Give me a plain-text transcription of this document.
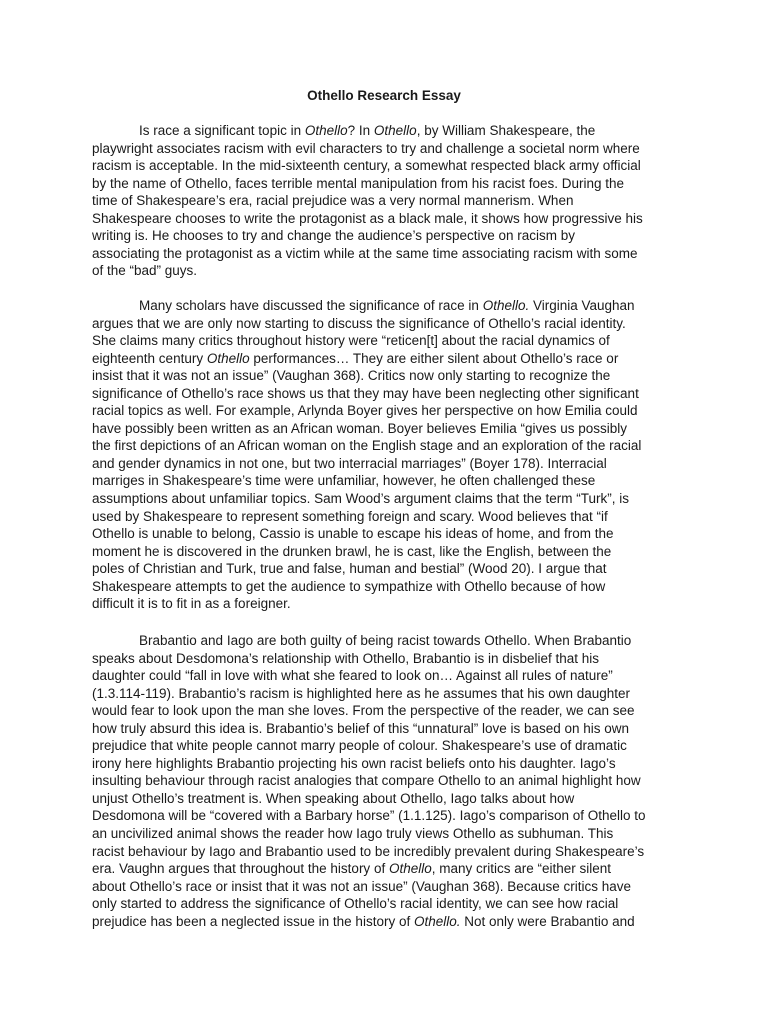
Othello Research Essay

Is race a significant topic in Othello? In Othello, by William Shakespeare, the
playwright associates racism with evil characters to try and challenge a societal norm where
racism is acceptable. In the mid-sixteenth century, a somewhat respected black army official
by the name of Othello, faces terrible mental manipulation from his racist foes. During the
time of Shakespeare’s era, racial prejudice was a very normal mannerism. When
Shakespeare chooses to write the protagonist as a black male, it shows how progressive his
writing is. He chooses to try and change the audience’s perspective on racism by
associating the protagonist as a victim while at the same time associating racism with some
of the “bad” guys.

Many scholars have discussed the significance of race in Othello. Virginia Vaughan
argues that we are only now starting to discuss the significance of Othello’s racial identity.
She claims many critics throughout history were “reticen[t] about the racial dynamics of
eighteenth century Othello performances… They are either silent about Othello’s race or
insist that it was not an issue” (Vaughan 368). Critics now only starting to recognize the
significance of Othello’s race shows us that they may have been neglecting other significant
racial topics as well. For example, Arlynda Boyer gives her perspective on how Emilia could
have possibly been written as an African woman. Boyer believes Emilia “gives us possibly
the first depictions of an African woman on the English stage and an exploration of the racial
and gender dynamics in not one, but two interracial marriages” (Boyer 178). Interracial
marriges in Shakespeare’s time were unfamiliar, however, he often challenged these
assumptions about unfamiliar topics. Sam Wood’s argument claims that the term “Turk”, is
used by Shakespeare to represent something foreign and scary. Wood believes that “if
Othello is unable to belong, Cassio is unable to escape his ideas of home, and from the
moment he is discovered in the drunken brawl, he is cast, like the English, between the
poles of Christian and Turk, true and false, human and bestial” (Wood 20). I argue that
Shakespeare attempts to get the audience to sympathize with Othello because of how
difficult it is to fit in as a foreigner.

Brabantio and Iago are both guilty of being racist towards Othello. When Brabantio
speaks about Desdomona’s relationship with Othello, Brabantio is in disbelief that his
daughter could “fall in love with what she feared to look on… Against all rules of nature”
(1.3.114-119). Brabantio’s racism is highlighted here as he assumes that his own daughter
would fear to look upon the man she loves. From the perspective of the reader, we can see
how truly absurd this idea is. Brabantio’s belief of this “unnatural” love is based on his own
prejudice that white people cannot marry people of colour. Shakespeare’s use of dramatic
irony here highlights Brabantio projecting his own racist beliefs onto his daughter. Iago’s
insulting behaviour through racist analogies that compare Othello to an animal highlight how
unjust Othello’s treatment is. When speaking about Othello, Iago talks about how
Desdomona will be “covered with a Barbary horse” (1.1.125). Iago’s comparison of Othello to
an uncivilized animal shows the reader how Iago truly views Othello as subhuman. This
racist behaviour by Iago and Brabantio used to be incredibly prevalent during Shakespeare’s
era. Vaughn argues that throughout the history of Othello, many critics are “either silent
about Othello’s race or insist that it was not an issue” (Vaughan 368). Because critics have
only started to address the significance of Othello’s racial identity, we can see how racial
prejudice has been a neglected issue in the history of Othello. Not only were Brabantio and
